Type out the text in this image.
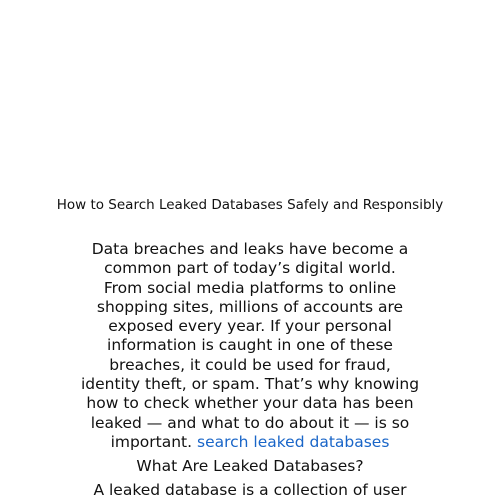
How to Search Leaked Databases Safely and Responsibly
Data breaches and leaks have become a
common part of today’s digital world.
From social media platforms to online
shopping sites, millions of accounts are
exposed every year. If your personal
information is caught in one of these
breaches, it could be used for fraud,
identity theft, or spam. That’s why knowing
how to check whether your data has been
leaked — and what to do about it — is so
important. search leaked databases
What Are Leaked Databases?
A leaked database is a collection of user
